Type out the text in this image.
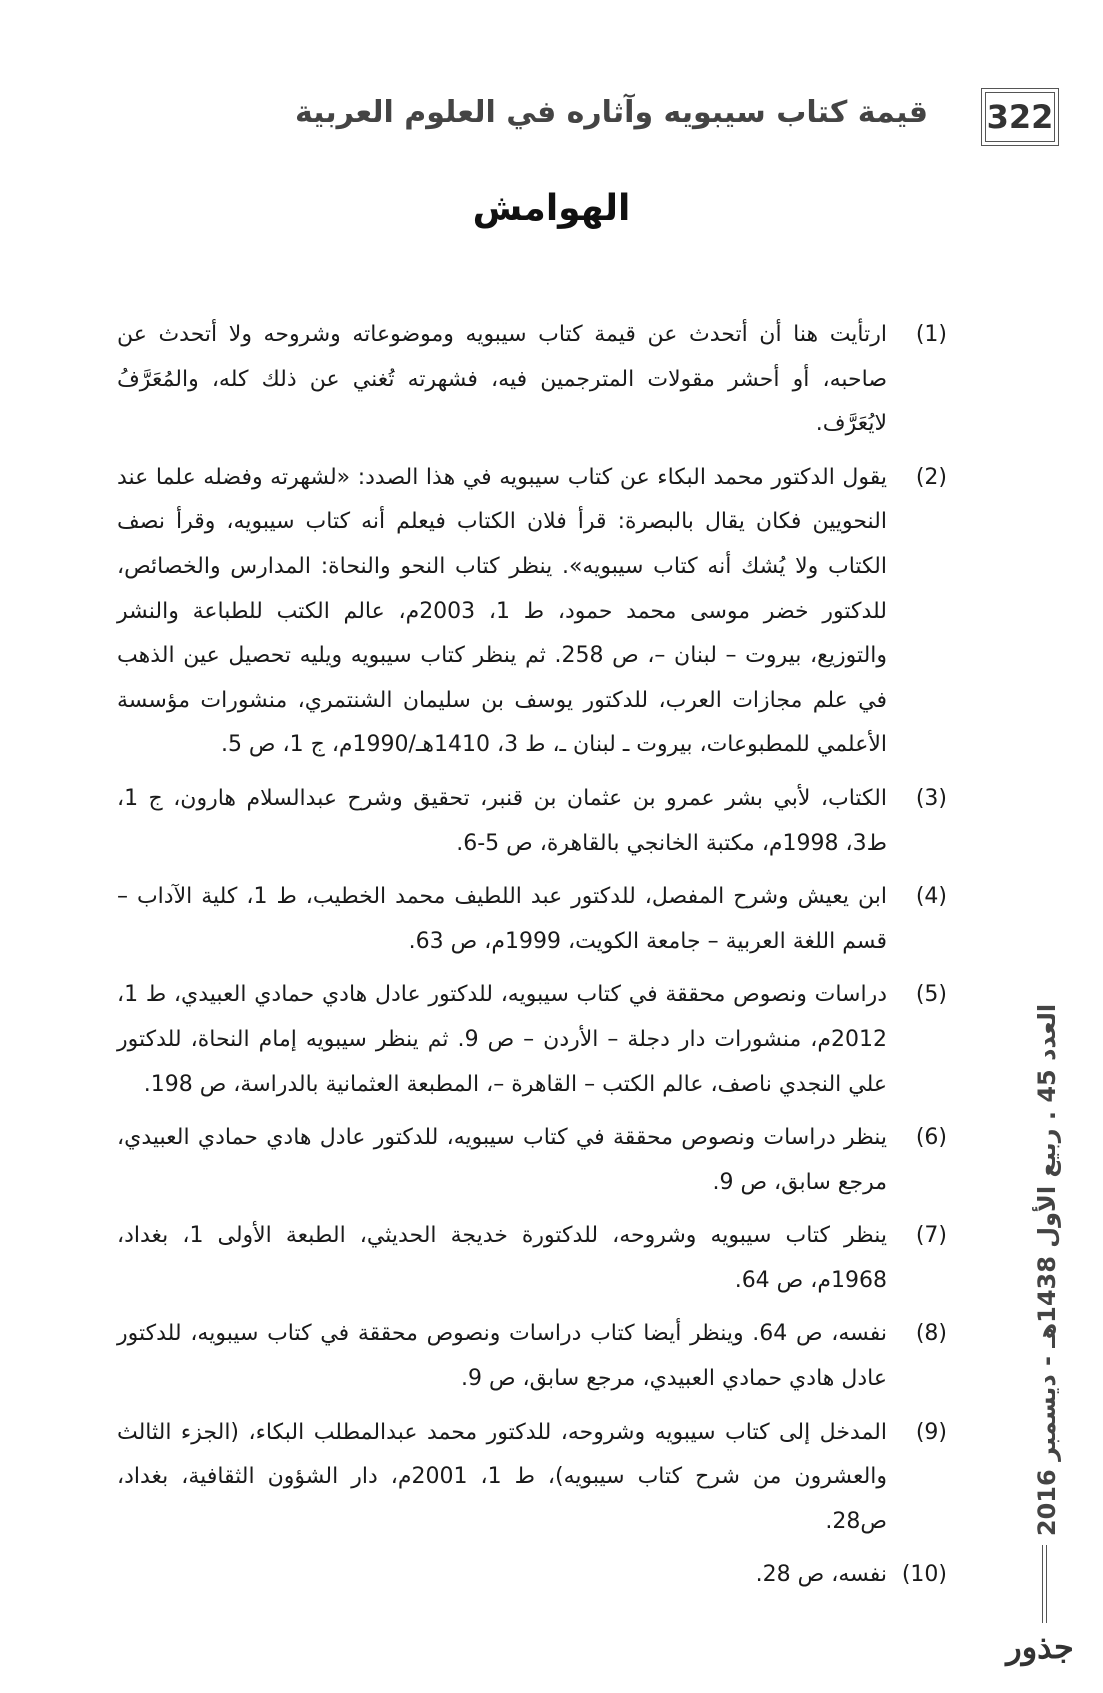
322
قيمة كتاب سيبويه وآثاره في العلوم العربية
الهوامش
(1)
ارتأيت هنا أن أتحدث عن قيمة كتاب سيبويه وموضوعاته وشروحه ولا أتحدث عن صاحبه، أو أحشر مقولات المترجمين فيه، فشهرته تُغني عن ذلك كله، والمُعَرَّفُ لايُعَرَّف.
(2)
يقول الدكتور محمد البكاء عن كتاب سيبويه في هذا الصدد: «لشهرته وفضله علما عند النحويين فكان يقال بالبصرة: قرأ فلان الكتاب فيعلم أنه كتاب سيبويه، وقرأ نصف الكتاب ولا يُشك أنه كتاب سيبويه». ينظر كتاب النحو والنحاة: المدارس والخصائص، للدكتور خضر موسى محمد حمود، ط 1، 2003م، عالم الكتب للطباعة والنشر والتوزيع، بيروت – لبنان –، ص 258. ثم ينظر كتاب سيبويه ويليه تحصيل عين الذهب في علم مجازات العرب، للدكتور يوسف بن سليمان الشنتمري، منشورات مؤسسة الأعلمي للمطبوعات، بيروت ـ لبنان ـ، ط 3، 1410هـ/1990م، ج 1، ص 5.
(3)
الكتاب، لأبي بشر عمرو بن عثمان بن قنبر، تحقيق وشرح عبدالسلام هارون، ج 1، ط3، 1998م، مكتبة الخانجي بالقاهرة، ص 5-6.
(4)
ابن يعيش وشرح المفصل، للدكتور عبد اللطيف محمد الخطيب، ط 1، كلية الآداب – قسم اللغة العربية – جامعة الكويت، 1999م، ص 63.
(5)
دراسات ونصوص محققة في كتاب سيبويه، للدكتور عادل هادي حمادي العبيدي، ط 1، 2012م، منشورات دار دجلة – الأردن – ص 9. ثم ينظر سيبويه إمام النحاة، للدكتور علي النجدي ناصف، عالم الكتب – القاهرة –، المطبعة العثمانية بالدراسة، ص 198.
(6)
ينظر دراسات ونصوص محققة في كتاب سيبويه، للدكتور عادل هادي حمادي العبيدي، مرجع سابق، ص 9.
(7)
ينظر كتاب سيبويه وشروحه، للدكتورة خديجة الحديثي، الطبعة الأولى 1، بغداد، 1968م، ص 64.
(8)
نفسه، ص 64. وينظر أيضا كتاب دراسات ونصوص محققة في كتاب سيبويه، للدكتور عادل هادي حمادي العبيدي، مرجع سابق، ص 9.
(9)
المدخل إلى كتاب سيبويه وشروحه، للدكتور محمد عبدالمطلب البكاء، (الجزء الثالث والعشرون من شرح كتاب سيبويه)، ط 1، 2001م، دار الشؤون الثقافية، بغداد، ص28.
(10)
نفسه، ص 28.
العدد 45 . ربيع الأول 1438هـ - ديسمبر 2016
جذور
